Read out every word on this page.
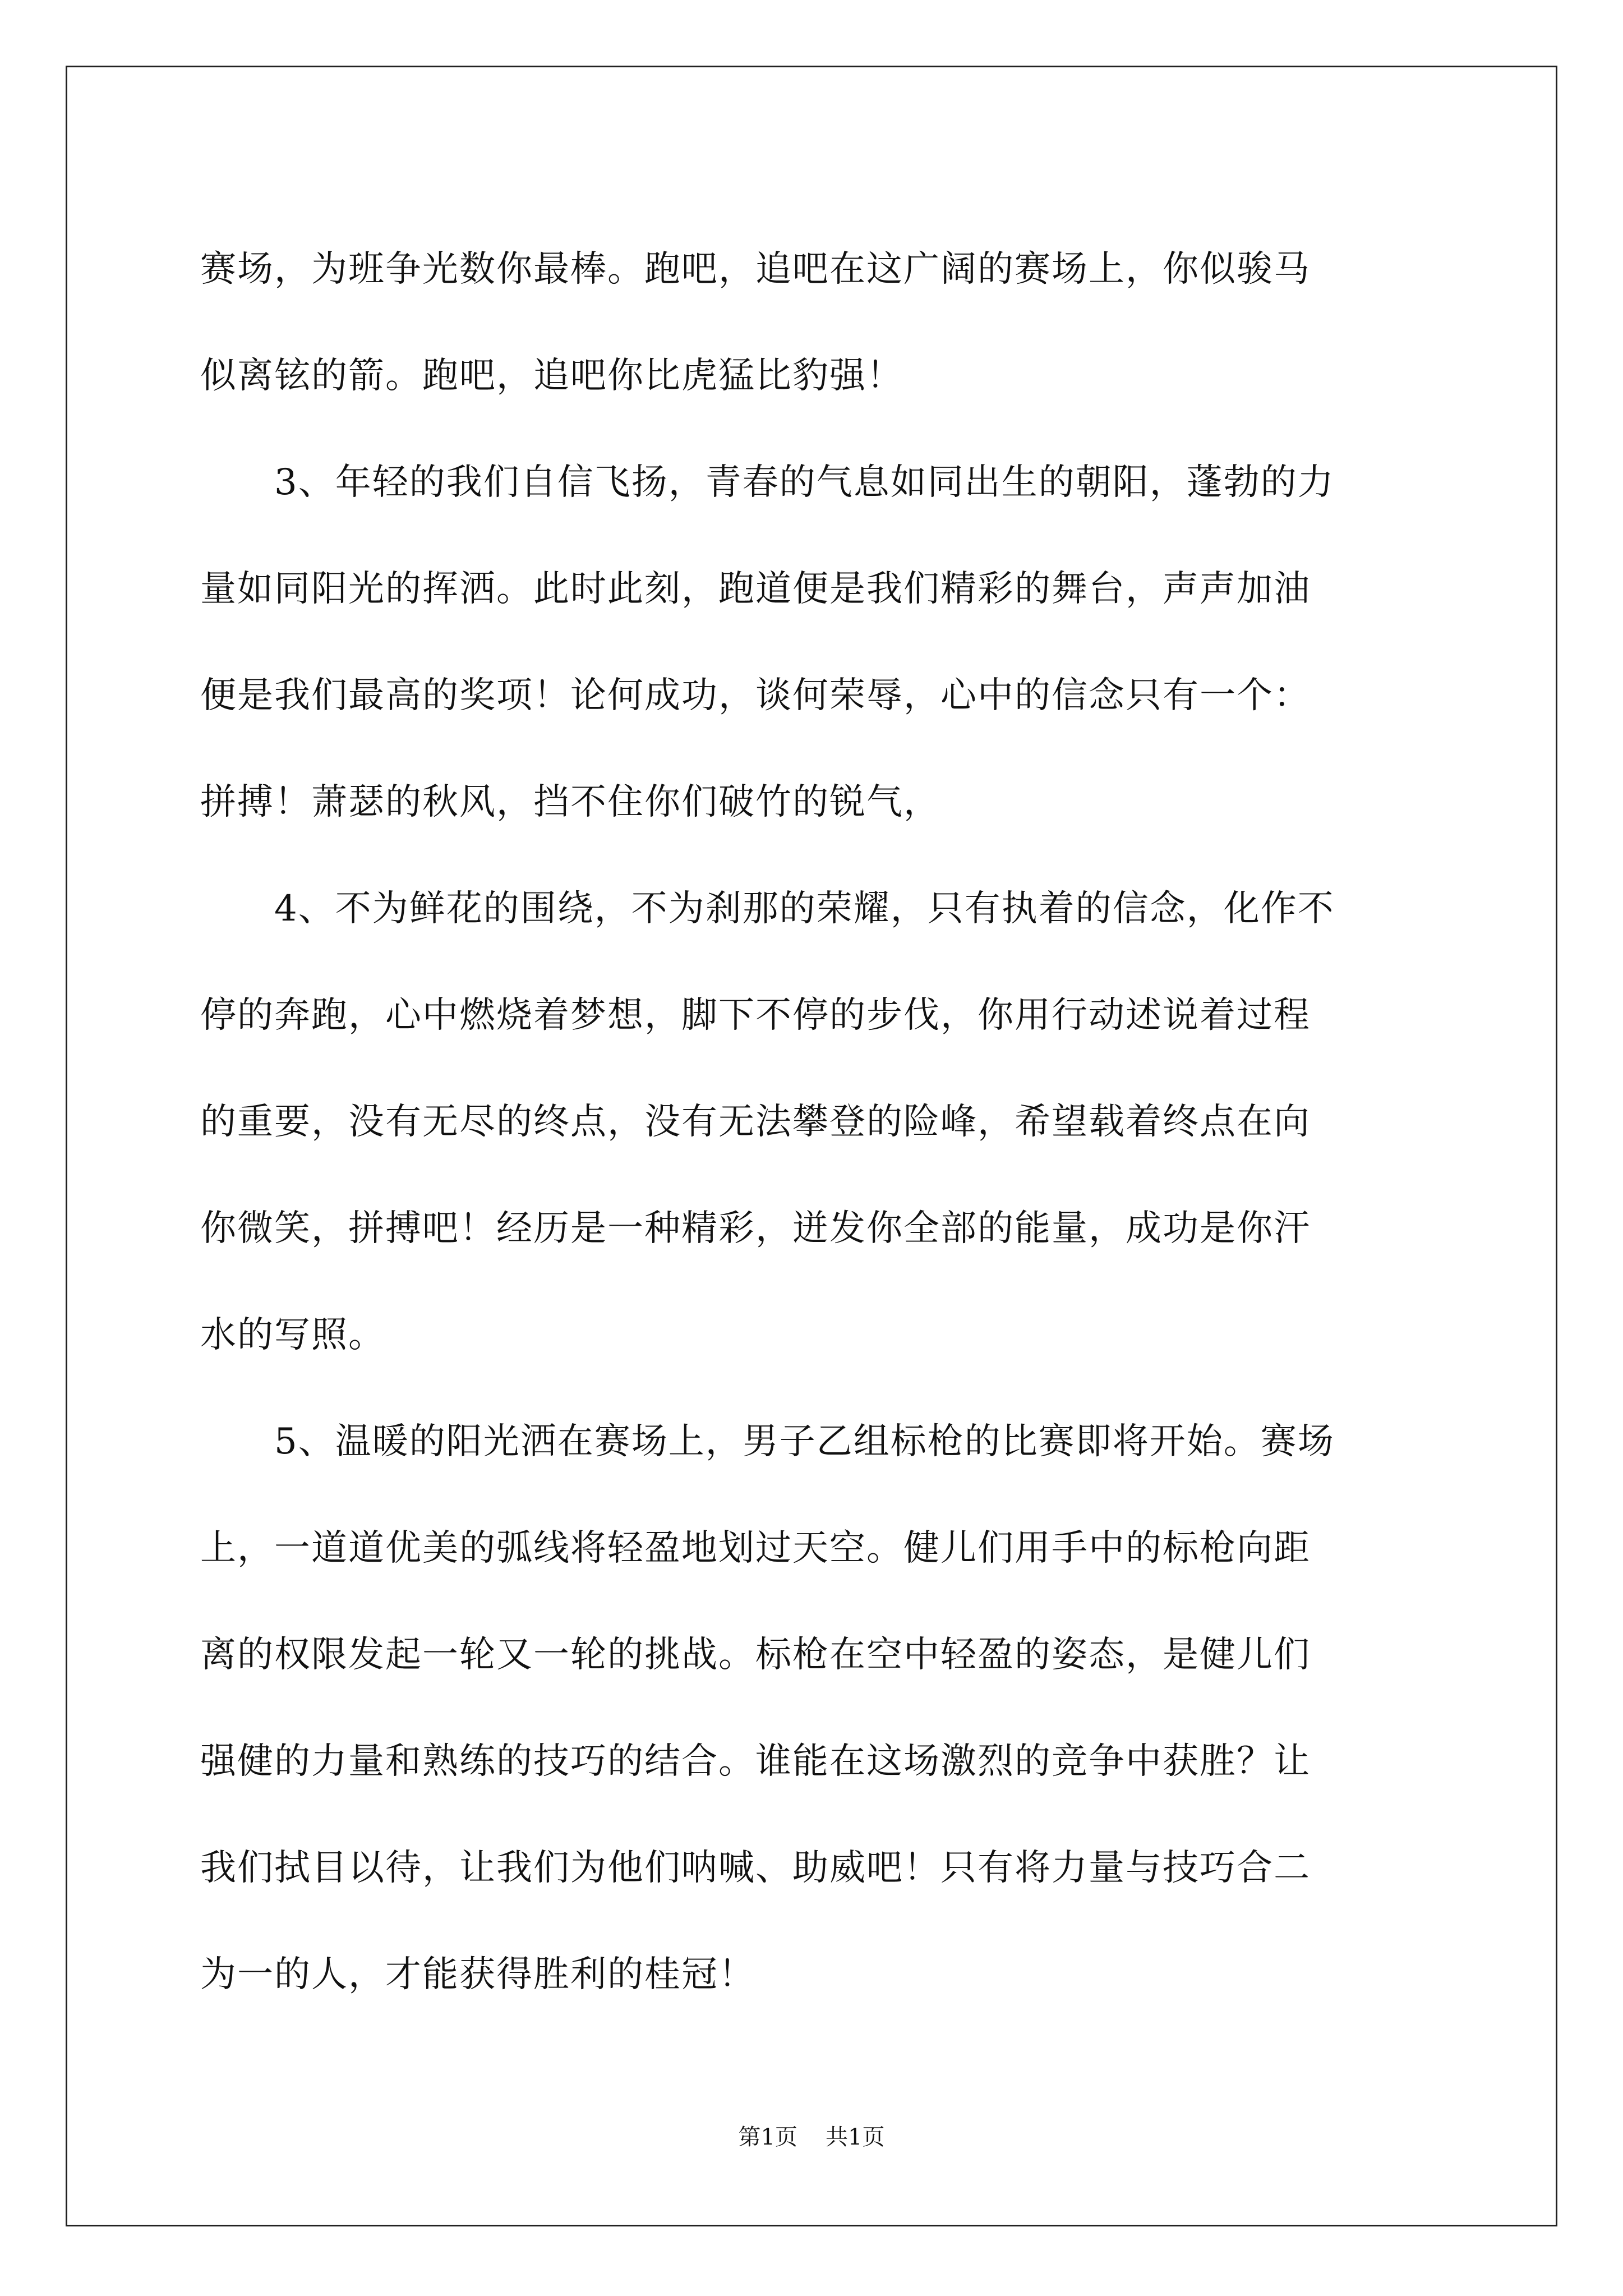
赛场，为班争光数你最棒。跑吧，追吧在这广阔的赛场上，你似骏马
似离铉的箭。跑吧，追吧你比虎猛比豹强！
　　3、年轻的我们自信飞扬，青春的气息如同出生的朝阳，蓬勃的力
量如同阳光的挥洒。此时此刻，跑道便是我们精彩的舞台，声声加油
便是我们最高的奖项！论何成功，谈何荣辱，心中的信念只有一个：
拼搏！萧瑟的秋风，挡不住你们破竹的锐气，
　　4、不为鲜花的围绕，不为刹那的荣耀，只有执着的信念，化作不
停的奔跑，心中燃烧着梦想，脚下不停的步伐，你用行动述说着过程
的重要，没有无尽的终点，没有无法攀登的险峰，希望载着终点在向
你微笑，拼搏吧！经历是一种精彩，迸发你全部的能量，成功是你汗
水的写照。
　　5、温暖的阳光洒在赛场上，男子乙组标枪的比赛即将开始。赛场
上，一道道优美的弧线将轻盈地划过天空。健儿们用手中的标枪向距
离的权限发起一轮又一轮的挑战。标枪在空中轻盈的姿态，是健儿们
强健的力量和熟练的技巧的结合。谁能在这场激烈的竞争中获胜？让
我们拭目以待，让我们为他们呐喊、助威吧！只有将力量与技巧合二
为一的人，才能获得胜利的桂冠！
第1页 共1页
